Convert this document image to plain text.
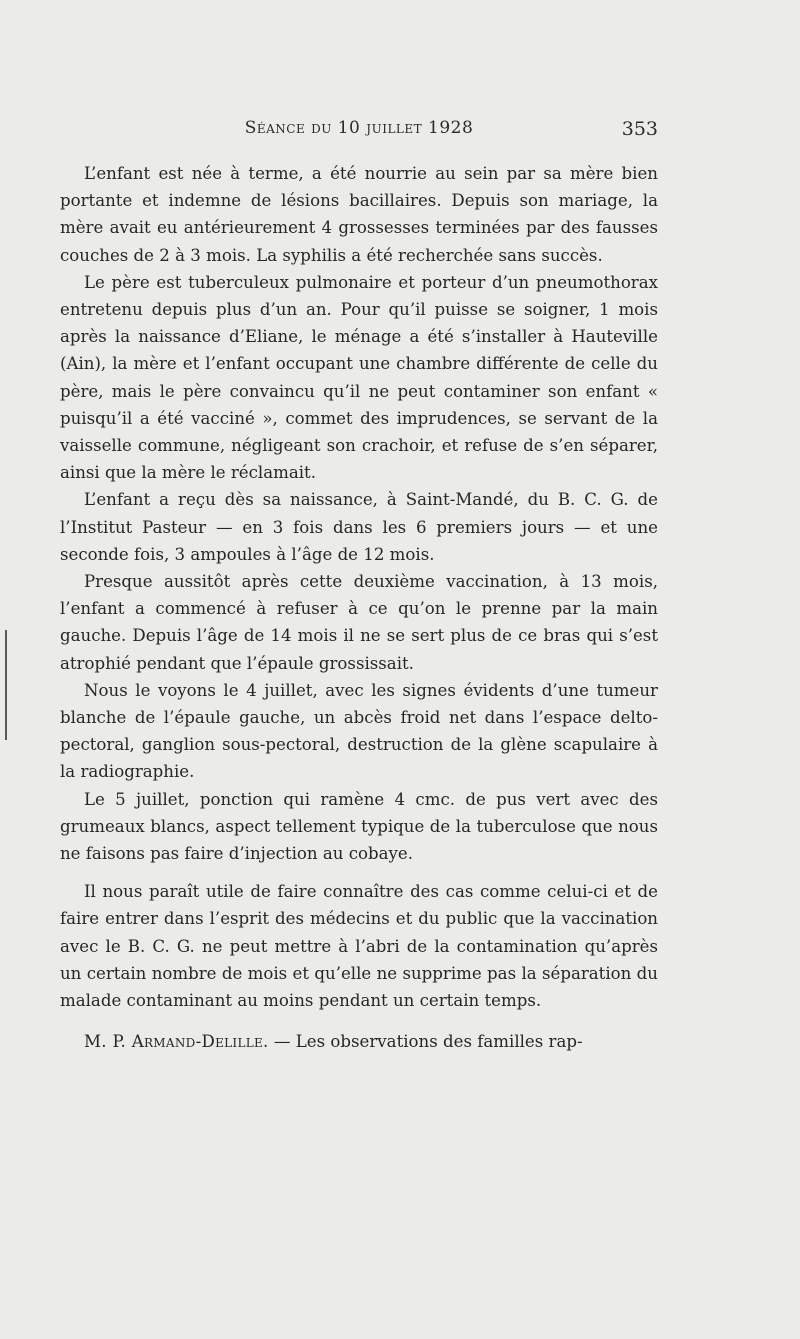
Séance du 10 juillet 1928	353

L’enfant est née à terme, a été nourrie au sein par sa mère bien portante et indemne de lésions bacillaires. Depuis son mariage, la mère avait eu antérieurement 4 grossesses terminées par des fausses couches de 2 à 3 mois. La syphilis a été recherchée sans succès.

Le père est tuberculeux pulmonaire et porteur d’un pneumothorax entretenu depuis plus d’un an. Pour qu’il puisse se soigner, 1 mois après la naissance d’Eliane, le ménage a été s’installer à Hauteville (Ain), la mère et l’enfant occupant une chambre différente de celle du père, mais le père convaincu qu’il ne peut contaminer son enfant « puisqu’il a été vacciné », commet des imprudences, se servant de la vaisselle commune, négligeant son crachoir, et refuse de s’en séparer, ainsi que la mère le réclamait.

L’enfant a reçu dès sa naissance, à Saint-Mandé, du B. C. G. de l’Institut Pasteur — en 3 fois dans les 6 premiers jours — et une seconde fois, 3 ampoules à l’âge de 12 mois.

Presque aussitôt après cette deuxième vaccination, à 13 mois, l’enfant a commencé à refuser à ce qu’on le prenne par la main gauche. Depuis l’âge de 14 mois il ne se sert plus de ce bras qui s’est atrophié pendant que l’épaule grossissait.

Nous le voyons le 4 juillet, avec les signes évidents d’une tumeur blanche de l’épaule gauche, un abcès froid net dans l’espace delto-pectoral, ganglion sous-pectoral, destruction de la glène scapulaire à la radiographie.

Le 5 juillet, ponction qui ramène 4 cmc. de pus vert avec des grumeaux blancs, aspect tellement typique de la tuberculose que nous ne faisons pas faire d’injection au cobaye.

Il nous paraît utile de faire connaître des cas comme celui-ci et de faire entrer dans l’esprit des médecins et du public que la vaccination avec le B. C. G. ne peut mettre à l’abri de la contamination qu’après un certain nombre de mois et qu’elle ne supprime pas la séparation du malade contaminant au moins pendant un certain temps.

M. P. Armand-Delille. — Les observations des familles rap-
